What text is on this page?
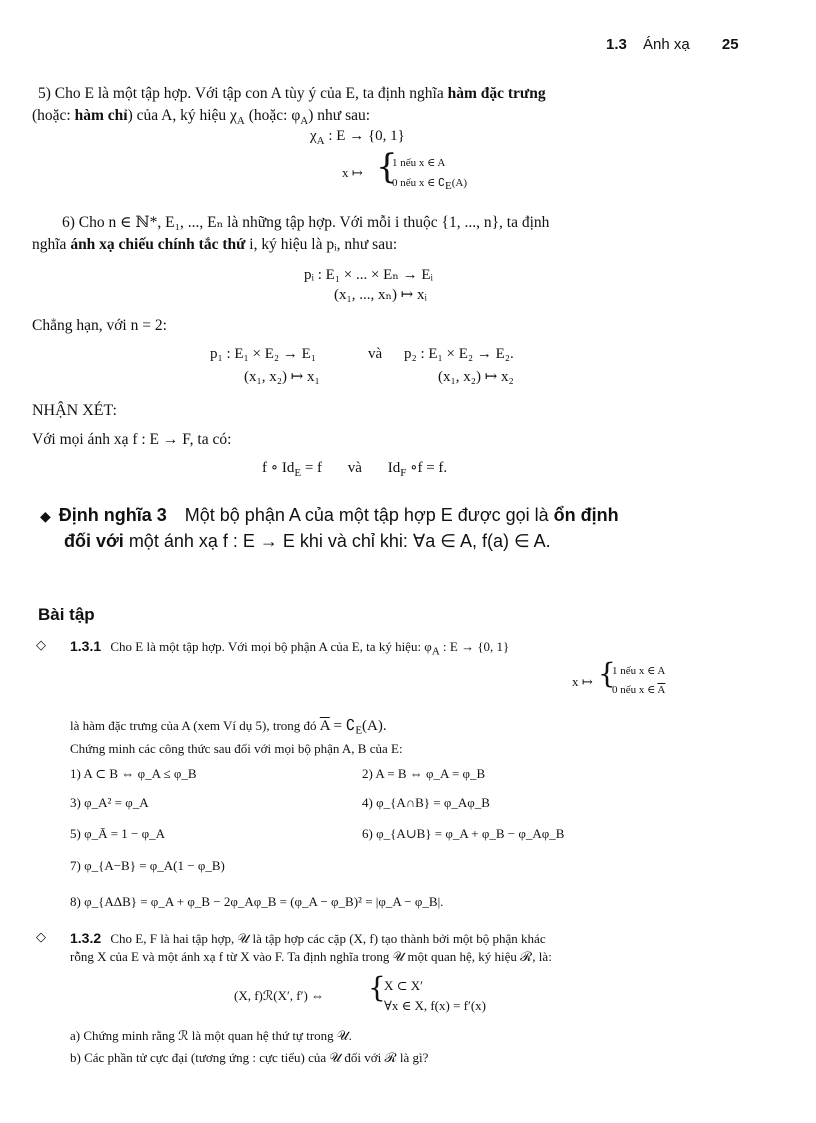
1.3 Ánh xạ 25
5) Cho E là một tập hợp. Với tập con A tùy ý của E, ta định nghĩa hàm đặc trưng
(hoặc: hàm chỉ) của A, ký hiệu $\chi_A$ (hoặc: $\varphi_A$) như sau:
$\chi_A$ : E → {0, 1}
x ↦ {
1 nếu x ∈ A
0 nếu x ∈ $∁_E(A)$
6) Cho n ∈ ℕ*, E₁, ..., Eₙ là những tập hợp. Với mỗi i thuộc {1, ..., n}, ta định
nghĩa ánh xạ chiếu chính tắc thứ i, ký hiệu là pᵢ, như sau:
pᵢ : E₁ × ... × Eₙ → Eᵢ
(x₁, ..., xₙ) ↦ xᵢ
Chẳng hạn, với n = 2:
p₁ : E₁ × E₂ → E₁	và p₂ : E₁ × E₂ → E₂.
(x₁, x₂) ↦ x₁	(x₁, x₂) ↦ x₂
NHẬN XÉT:
Với mọi ánh xạ f : E → F, ta có:
f ∘ $Id_E = f$ và $Id_F$ ∘f = f.
◆ Định nghĩa 3 Một bộ phận A của một tập hợp E được gọi là ổn định
đối với một ánh xạ f : E → E khi và chỉ khi: ∀a ∈ A, f(a) ∈ A.
Bài tập
◇ 1.3.1 Cho E là một tập hợp. Với mọi bộ phận A của E, ta ký hiệu: $\varphi_A$ : E → {0, 1}
x ↦ {
1 nếu x ∈ A
0 nếu x ∈ $\overline{A}$
là hàm đặc trưng của A (xem Ví dụ 5), trong đó $\overline{A}$ = $∁_E(A)$.
Chứng minh các công thức sau đối với mọi bộ phận A, B của E:
1) A ⊂ B ⇔ φ_A ≤ φ_B	2) A = B ⇔ φ_A = φ_B
3) φ_A² = φ_A	4) φ_{A∩B} = φ_Aφ_B
5) φ_Ā = 1 − φ_A	6) φ_{A∪B} = φ_A + φ_B − φ_Aφ_B
7) φ_{A−B} = φ_A(1 − φ_B)
8) φ_{AΔB} = φ_A + φ_B − 2φ_Aφ_B = (φ_A − φ_B)² = |φ_A − φ_B|.
◇ 1.3.2 Cho E, F là hai tập hợp, 𝒰 là tập hợp các cặp (X, f) tạo thành bởi một bộ phận khác
rỗng X của E và một ánh xạ f từ X vào F. Ta định nghĩa trong 𝒰 một quan hệ, ký hiệu ℛ, là:
(X, f)ℛ(X′, f′) ⇔ {
X ⊂ X′
∀x ∈ X, f(x) = f′(x)
a) Chứng minh rằng ℛ là một quan hệ thứ tự trong 𝒰.
b) Các phần tử cực đại (tương ứng : cực tiểu) của 𝒰 đối với ℛ là gì?
